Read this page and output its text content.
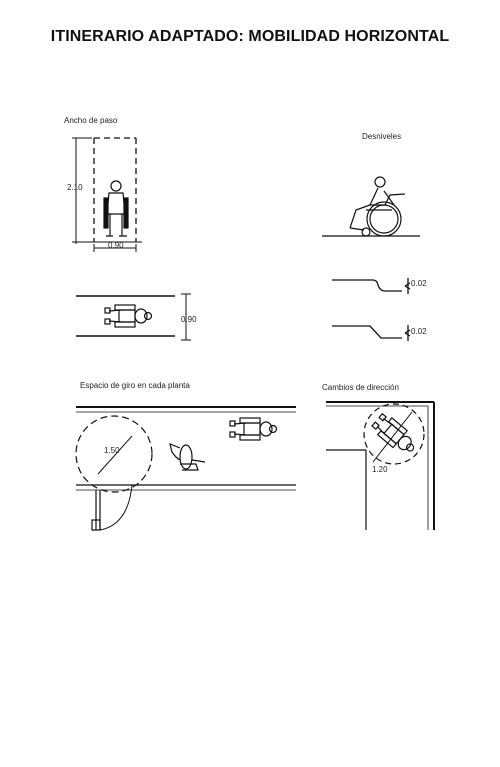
ITINERARIO ADAPTADO: MOBILIDAD HORIZONTAL
Ancho de paso
Desniveles
Espacio de giro en cada planta	Cambios de dirección
2.10
0.90
0.90
0.02
0.02
1.50
1.20
